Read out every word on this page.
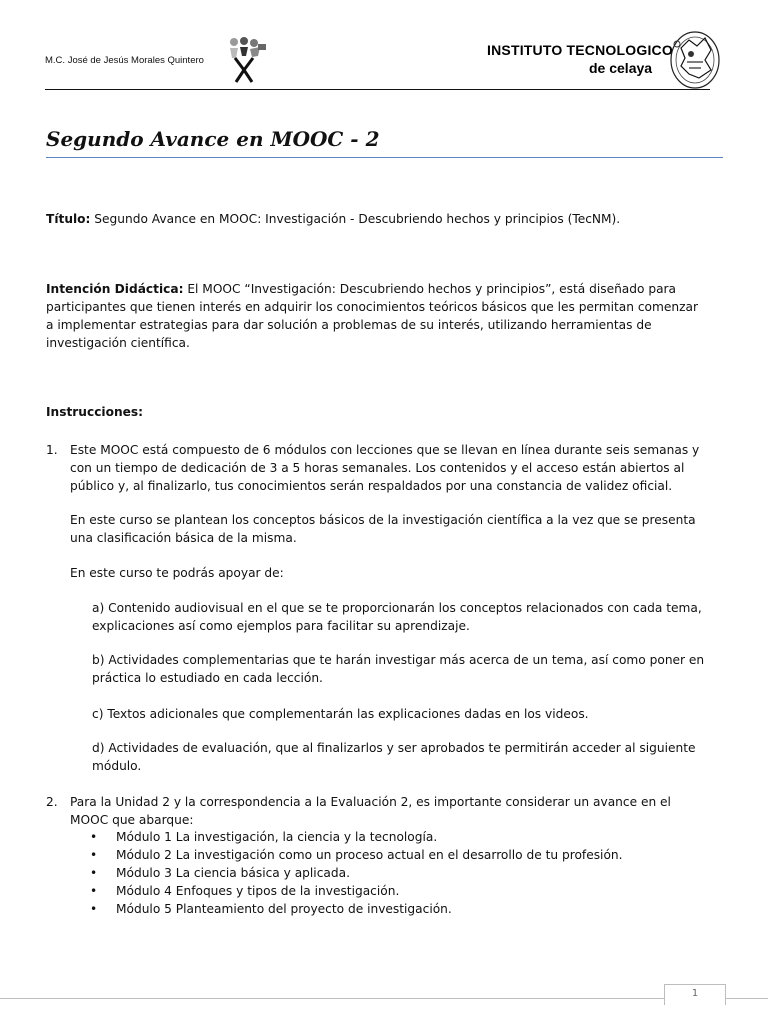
M.C. José de Jesús Morales Quintero
INSTITUTO TECNOLOGICO
de celaya
Segundo Avance en MOOC - 2
Título: Segundo Avance en MOOC: Investigación - Descubriendo hechos y principios (TecNM).

Intención Didáctica: El MOOC “Investigación: Descubriendo hechos y principios”, está diseñado para

participantes que tienen interés en adquirir los conocimientos teóricos básicos que les permitan comenzar

a implementar estrategias para dar solución a problemas de su interés, utilizando herramientas de

investigación científica.

Instrucciones:
1. Este MOOC está compuesto de 6 módulos con lecciones que se llevan en línea durante seis semanas y

con un tiempo de dedicación de 3 a 5 horas semanales. Los contenidos y el acceso están abiertos al

público y, al finalizarlo, tus conocimientos serán respaldados por una constancia de validez oficial.

En este curso se plantean los conceptos básicos de la investigación científica a la vez que se presenta

una clasificación básica de la misma.

En este curso te podrás apoyar de:

a) Contenido audiovisual en el que se te proporcionarán los conceptos relacionados con cada tema,

explicaciones así como ejemplos para facilitar su aprendizaje.

b) Actividades complementarias que te harán investigar más acerca de un tema, así como poner en

práctica lo estudiado en cada lección.

c) Textos adicionales que complementarán las explicaciones dadas en los videos.

d) Actividades de evaluación, que al finalizarlos y ser aprobados te permitirán acceder al siguiente

módulo.

2. Para la Unidad 2 y la correspondencia a la Evaluación 2, es importante considerar un avance en el

MOOC que abarque:

• Módulo 1 La investigación, la ciencia y la tecnología.
• Módulo 2 La investigación como un proceso actual en el desarrollo de tu profesión.
• Módulo 3 La ciencia básica y aplicada.
• Módulo 4 Enfoques y tipos de la investigación.
• Módulo 5 Planteamiento del proyecto de investigación.
1
